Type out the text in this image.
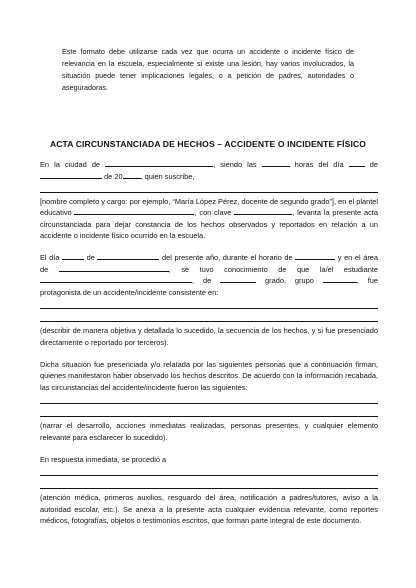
Este formato debe utilizarse cada vez que ocurra un accidente o incidente físico de relevancia en la escuela, especialmente si existe una lesión, hay varios involucrados, la situación puede tener implicaciones legales, o a petición de padres, autoridades o aseguradoras.
ACTA CIRCUNSTANCIADA DE HECHOS – ACCIDENTE O INCIDENTE FÍSICO

En la ciudad de	, siendo las	horas del día	de  de 20 , quien suscribe,
[nombre completo y cargo: por ejemplo, “María López Pérez, docente de segundo grado”], en el plantel educativo	, con clave	, levanta la presente acta circunstanciada para dejar constancia de los hechos observados y reportados en relación a un accidente o incidente físico ocurrido en la escuela.

El día	de	del presente año, durante el horario de	y en el área de	, se tuvo conocimiento de que la/el estudiante , de	grado, grupo	, fue protagonista de un accidente/incidente consistente en:
(describir de manera objetiva y detallada lo sucedido, la secuencia de los hechos, y si fue presenciado directamente o reportado por terceros).

Dicha situación fue presenciada y/o relatada por las siguientes personas que a continuación firman, quienes manifestaron haber observado los hechos descritos. De acuerdo con la información recabada, las circunstancias del accidente/incidente fueron las siguientes:
(narrar el desarrollo, acciones inmediatas realizadas, personas presentes, y cualquier elemento relevante para esclarecer lo sucedido).

En respuesta inmediata, se procedió a
(atención médica, primeros auxilios, resguardo del área, notificación a padres/tutores, aviso a la autoridad escolar, etc.). Se anexa a la presente acta cualquier evidencia relevante, como reportes médicos, fotografías, objetos o testimonios escritos, que forman parte integral de este documento.
